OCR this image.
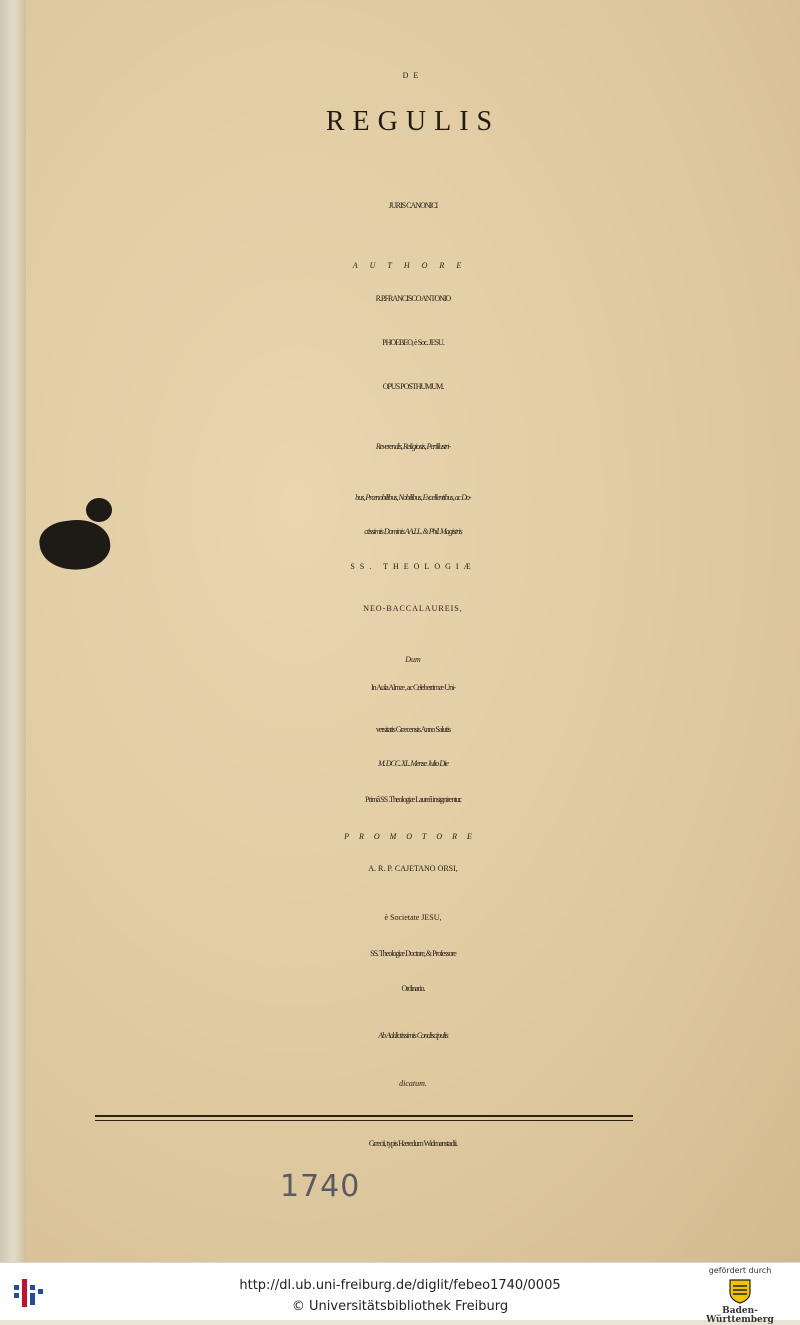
DE

REGULIS

JURIS CANONICI

AUTHORE

R.P.FRANCISCO ANTONIO

PHOEBEO, è Soc. JESU.

OPUS POSTHUMUM.

Reverendis, Religiosis, Perillustri-

bus, Prænobilibus, Nobilibus, Excellentibus, ac Do-

ctissimis Dominis AA.LL. & Phil. Magistris

SS. THEOLOGIÆ

NEO-BACCALAUREIS,

Dum

In Aula Almæ , ac Celeberrimæ Uni-

versitatis Græcensis Anno Salutis

M. DCC. XL. Mense Julio Die

Primâ SS .Theologiæ Laureâ insignirentur.

PROMOTORE

A. R. P. CAJETANO ORSI,

è Societate JESU,

SS. Theologiæ Doctore, & Professore

Ordinario.

Ab Addictissimis Condiscipulis

dicatum.

Græcii, typis Hæredum Widmanstadii.

1740

http://dl.ub.uni-freiburg.de/diglit/febeo1740/0005

© Universitätsbibliothek Freiburg

gefördert durch

Baden-Württemberg
